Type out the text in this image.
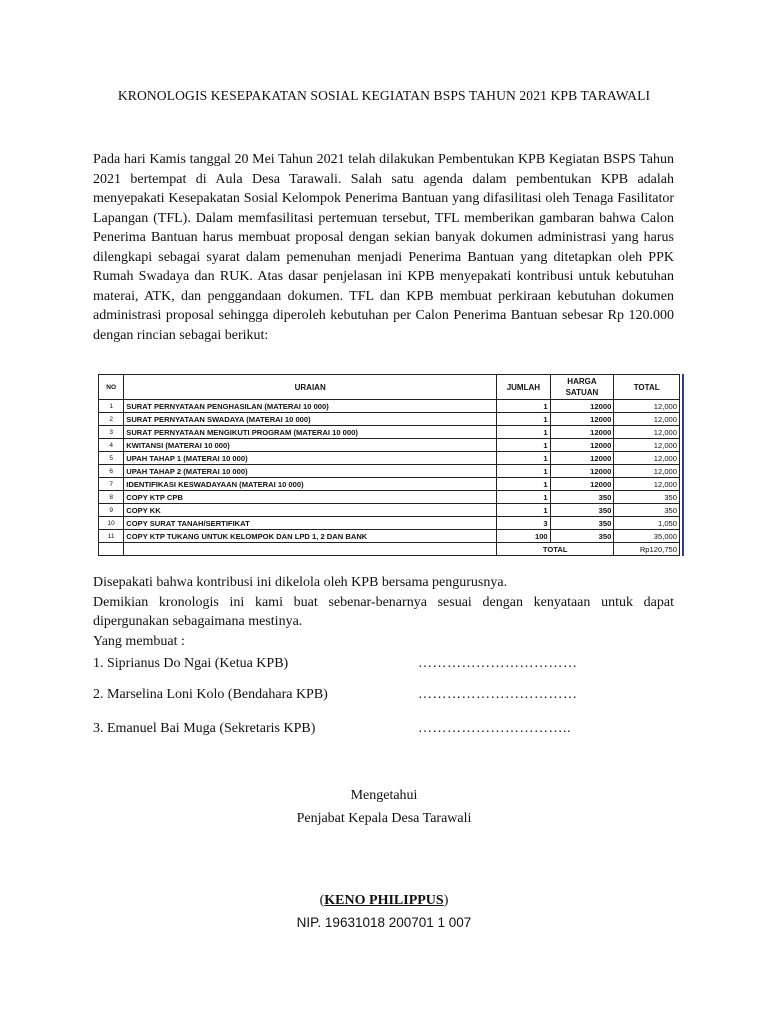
KRONOLOGIS KESEPAKATAN SOSIAL KEGIATAN BSPS TAHUN 2021 KPB TARAWALI
Pada hari Kamis tanggal 20 Mei Tahun 2021 telah dilakukan Pembentukan KPB Kegiatan BSPS Tahun 2021 bertempat di Aula Desa Tarawali. Salah satu agenda dalam pembentukan KPB adalah menyepakati Kesepakatan Sosial Kelompok Penerima Bantuan yang difasilitasi oleh Tenaga Fasilitator Lapangan (TFL). Dalam memfasilitasi pertemuan tersebut, TFL memberikan gambaran bahwa Calon Penerima Bantuan harus membuat proposal dengan sekian banyak dokumen administrasi yang harus dilengkapi sebagai syarat dalam pemenuhan menjadi Penerima Bantuan yang ditetapkan oleh PPK Rumah Swadaya dan RUK. Atas dasar penjelasan ini KPB menyepakati kontribusi untuk kebutuhan materai, ATK, dan penggandaan dokumen. TFL dan KPB membuat perkiraan kebutuhan dokumen administrasi proposal sehingga diperoleh kebutuhan per Calon Penerima Bantuan sebesar Rp 120.000 dengan rincian sebagai berikut:
NO	URAIAN	JUMLAH	HARGA SATUAN	TOTAL
1	SURAT PERNYATAAN PENGHASILAN (MATERAI 10 000)	1	12000	12,000
2	SURAT PERNYATAAN SWADAYA (MATERAI 10 000)	1	12000	12,000
3	SURAT PERNYATAAN MENGIKUTI PROGRAM (MATERAI 10 000)	1	12000	12,000
4	KWITANSI (MATERAI 10 000)	1	12000	12,000
5	UPAH TAHAP 1 (MATERAI 10 000)	1	12000	12,000
6	UPAH TAHAP 2 (MATERAI 10 000)	1	12000	12,000
7	IDENTIFIKASI KESWADAYAAN (MATERAI 10 000)	1	12000	12,000
8	COPY KTP CPB	1	350	350
9	COPY KK	1	350	350
10	COPY SURAT TANAH/SERTIFIKAT	3	350	1,050
11	COPY KTP TUKANG UNTUK KELOMPOK DAN LPD 1, 2 DAN BANK	100	350	35,000
		TOTAL		Rp120,750
Disepakati bahwa kontribusi ini dikelola oleh KPB bersama pengurusnya.
Demikian kronologis ini kami buat sebenar-benarnya sesuai dengan kenyataan untuk dapat dipergunakan sebagaimana mestinya.
Yang membuat :
1. Siprianus Do Ngai (Ketua KPB)	……………………………
2. Marselina Loni Kolo (Bendahara KPB)	……………………………
3. Emanuel Bai Muga (Sekretaris KPB)	…………………………..
Mengetahui
Penjabat Kepala Desa Tarawali
(KENO PHILIPPUS)
NIP. 19631018 200701 1 007
